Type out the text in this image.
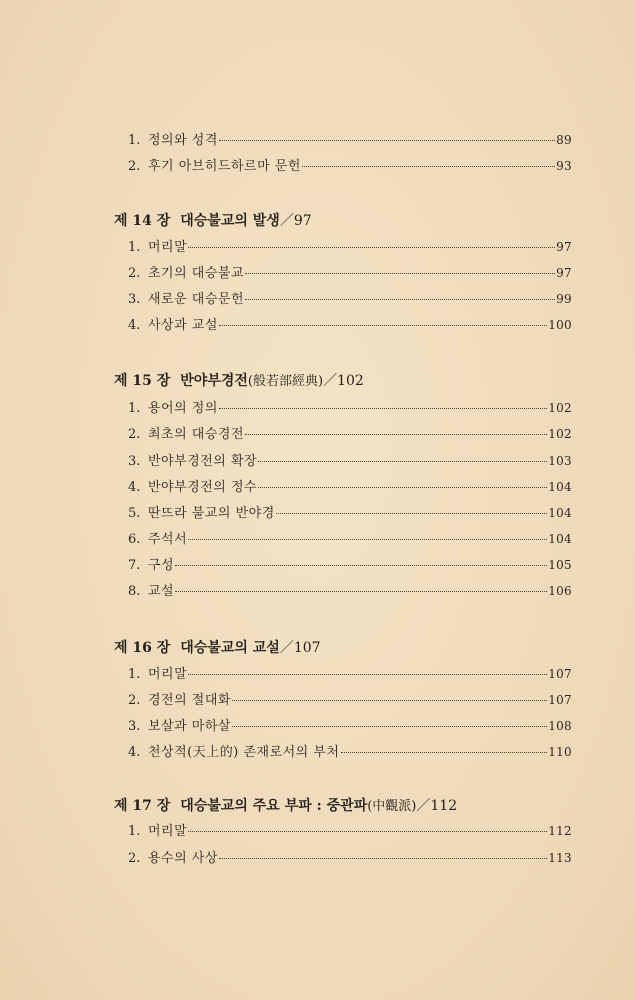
1. 정의와 성격	89
2. 후기 아브히드하르마 문헌	93
제 14 장 대승불교의 발생／97
1. 머리말	97
2. 초기의 대승불교	97
3. 새로운 대승문헌	99
4. 사상과 교설	100
제 15 장 반야부경전(般若部經典)／102
1. 용어의 정의	102
2. 최초의 대승경전	102
3. 반야부경전의 확장	103
4. 반야부경전의 정수	104
5. 딴뜨라 불교의 반야경	104
6. 주석서	104
7. 구성	105
8. 교설	106
제 16 장 대승불교의 교설／107
1. 머리말	107
2. 경전의 절대화	107
3. 보살과 마하살	108
4. 천상적(天上的) 존재로서의 부처	110
제 17 장 대승불교의 주요 부파 : 중관파(中觀派)／112
1. 머리말	112
2. 용수의 사상	113
